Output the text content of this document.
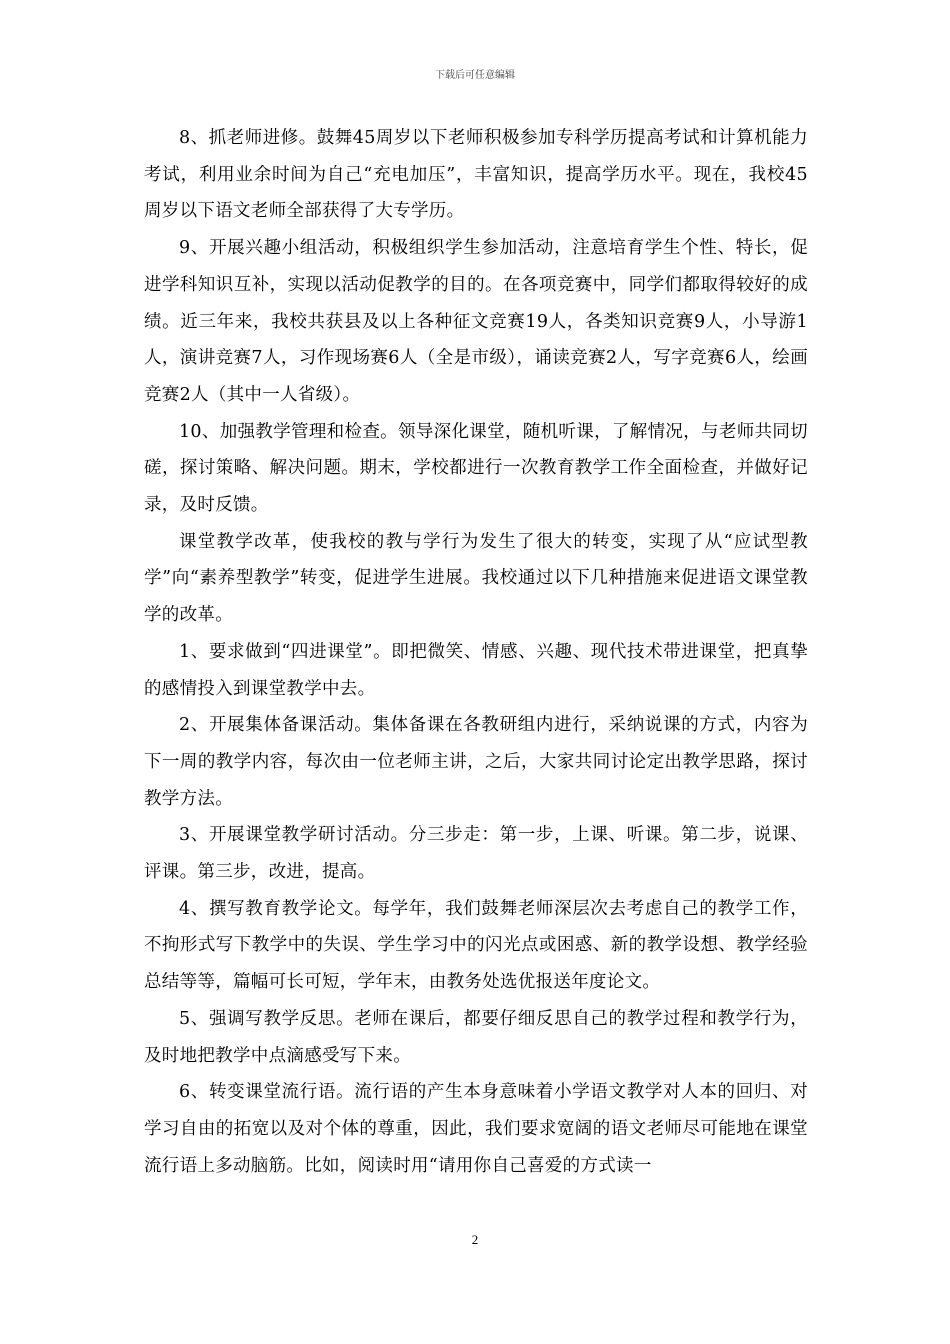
下载后可任意编辑

8、抓老师进修。鼓舞45周岁以下老师积极参加专科学历提高考试和计算机能力考试，利用业余时间为自己“充电加压”，丰富知识，提高学历水平。现在，我校45周岁以下语文老师全部获得了大专学历。

9、开展兴趣小组活动，积极组织学生参加活动，注意培育学生个性、特长，促进学科知识互补，实现以活动促教学的目的。在各项竞赛中，同学们都取得较好的成绩。近三年来，我校共获县及以上各种征文竞赛19人，各类知识竞赛9人，小导游1人，演讲竞赛7人，习作现场赛6人（全是市级），诵读竞赛2人，写字竞赛6人，绘画竞赛2人（其中一人省级）。

10、加强教学管理和检查。领导深化课堂，随机听课，了解情况，与老师共同切磋，探讨策略、解决问题。期末，学校都进行一次教育教学工作全面检查，并做好记录，及时反馈。

课堂教学改革，使我校的教与学行为发生了很大的转变，实现了从“应试型教学”向“素养型教学”转变，促进学生进展。我校通过以下几种措施来促进语文课堂教学的改革。

1、要求做到“四进课堂”。即把微笑、情感、兴趣、现代技术带进课堂，把真挚的感情投入到课堂教学中去。

2、开展集体备课活动。集体备课在各教研组内进行，采纳说课的方式，内容为下一周的教学内容，每次由一位老师主讲，之后，大家共同讨论定出教学思路，探讨教学方法。

3、开展课堂教学研讨活动。分三步走：第一步，上课、听课。第二步，说课、评课。第三步，改进，提高。

4、撰写教育教学论文。每学年，我们鼓舞老师深层次去考虑自己的教学工作，不拘形式写下教学中的失误、学生学习中的闪光点或困惑、新的教学设想、教学经验总结等等，篇幅可长可短，学年末，由教务处选优报送年度论文。

5、强调写教学反思。老师在课后，都要仔细反思自己的教学过程和教学行为，及时地把教学中点滴感受写下来。

6、转变课堂流行语。流行语的产生本身意味着小学语文教学对人本的回归、对学习自由的拓宽以及对个体的尊重，因此，我们要求宽阔的语文老师尽可能地在课堂流行语上多动脑筋。比如，阅读时用“请用你自己喜爱的方式读一

2
